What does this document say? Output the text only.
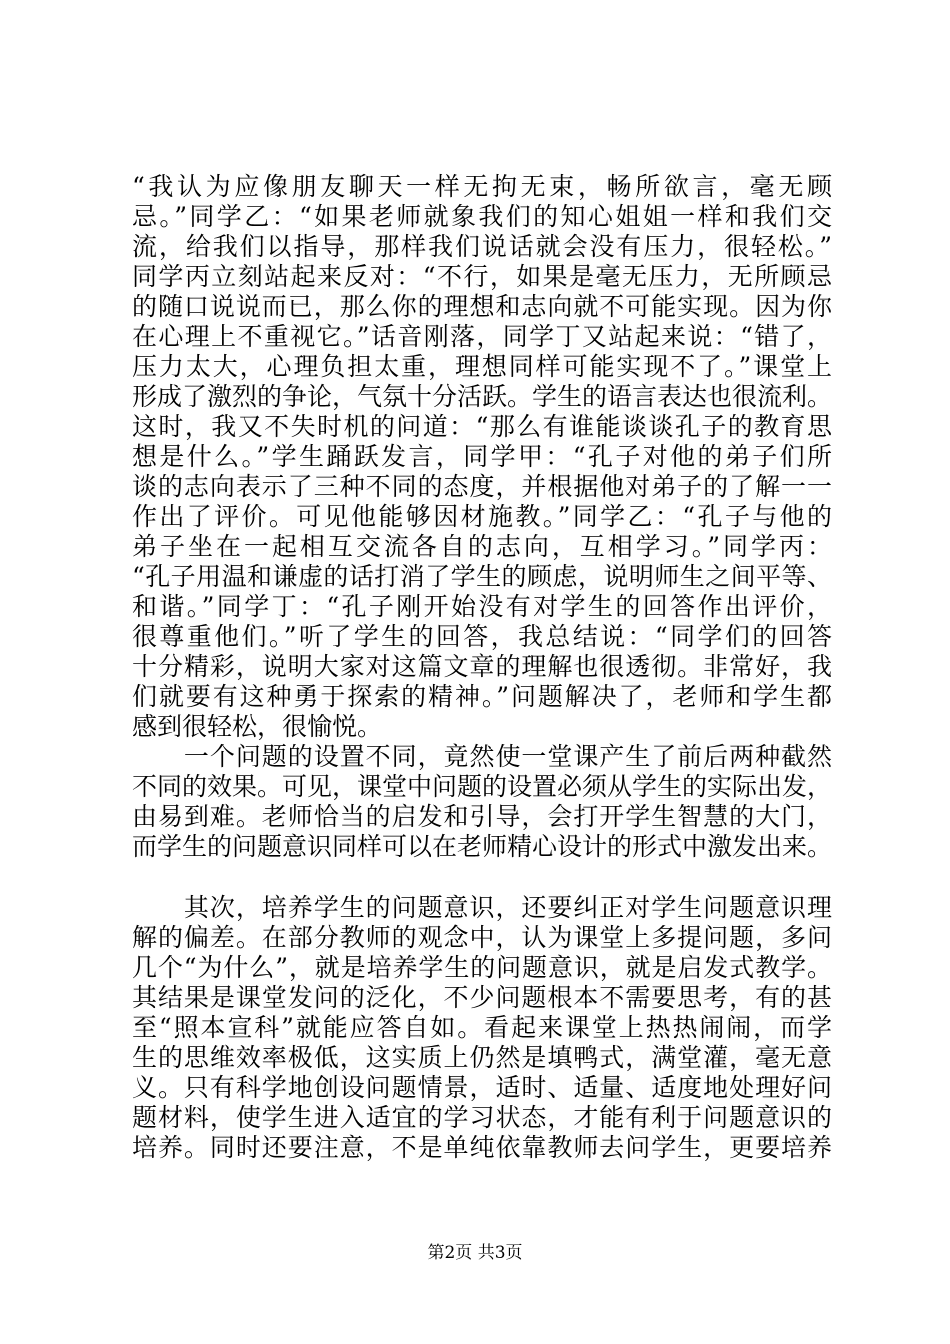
“我认为应像朋友聊天一样无拘无束，畅所欲言，毫无顾
忌。”同学乙：“如果老师就象我们的知心姐姐一样和我们交
流，给我们以指导，那样我们说话就会没有压力，很轻松。”
同学丙立刻站起来反对：“不行，如果是毫无压力，无所顾忌
的随口说说而已，那么你的理想和志向就不可能实现。因为你
在心理上不重视它。”话音刚落，同学丁又站起来说：“错了，
压力太大，心理负担太重，理想同样可能实现不了。”课堂上
形成了激烈的争论，气氛十分活跃。学生的语言表达也很流利。
这时，我又不失时机的问道：“那么有谁能谈谈孔子的教育思
想是什么。”学生踊跃发言，同学甲：“孔子对他的弟子们所
谈的志向表示了三种不同的态度，并根据他对弟子的了解一一
作出了评价。可见他能够因材施教。”同学乙：“孔子与他的
弟子坐在一起相互交流各自的志向，互相学习。”同学丙：
“孔子用温和谦虚的话打消了学生的顾虑，说明师生之间平等、
和谐。”同学丁：“孔子刚开始没有对学生的回答作出评价，
很尊重他们。”听了学生的回答，我总结说：“同学们的回答
十分精彩，说明大家对这篇文章的理解也很透彻。非常好，我
们就要有这种勇于探索的精神。”问题解决了，老师和学生都
感到很轻松，很愉悦。
　　一个问题的设置不同，竟然使一堂课产生了前后两种截然
不同的效果。可见，课堂中问题的设置必须从学生的实际出发，
由易到难。老师恰当的启发和引导，会打开学生智慧的大门，
而学生的问题意识同样可以在老师精心设计的形式中激发出来。
　　其次，培养学生的问题意识，还要纠正对学生问题意识理
解的偏差。在部分教师的观念中，认为课堂上多提问题，多问
几个“为什么”，就是培养学生的问题意识，就是启发式教学。
其结果是课堂发问的泛化，不少问题根本不需要思考，有的甚
至“照本宣科”就能应答自如。看起来课堂上热热闹闹，而学
生的思维效率极低，这实质上仍然是填鸭式，满堂灌，毫无意
义。只有科学地创设问题情景，适时、适量、适度地处理好问
题材料，使学生进入适宜的学习状态，才能有利于问题意识的
培养。同时还要注意，不是单纯依靠教师去问学生，更要培养
第2页 共3页
